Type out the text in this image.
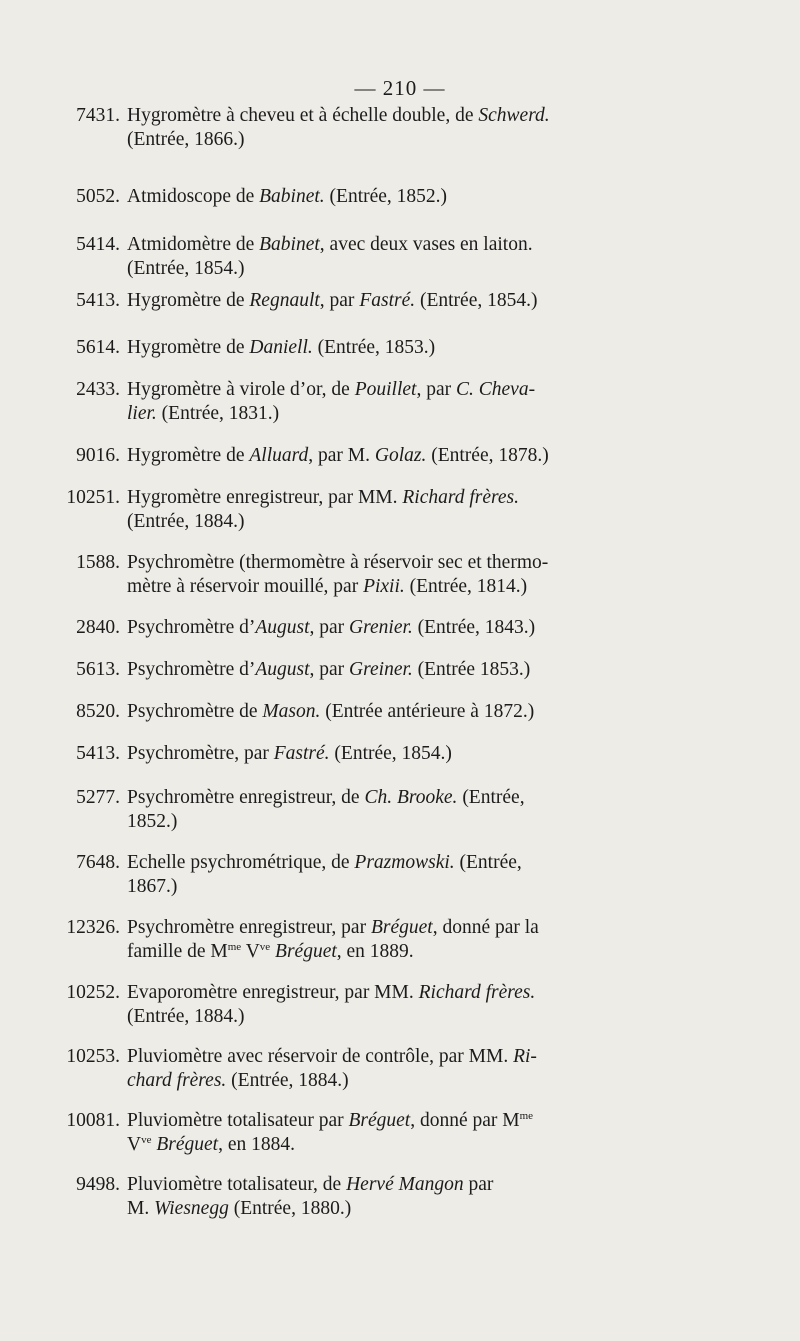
— 210 —
7431. Hygromètre à cheveu et à échelle double, de Schwerd.
(Entrée, 1866.)
5052. Atmidoscope de Babinet. (Entrée, 1852.)
5414. Atmidomètre de Babinet, avec deux vases en laiton.
(Entrée, 1854.)
5413. Hygromètre de Regnault, par Fastré. (Entrée, 1854.)
5614. Hygromètre de Daniell. (Entrée, 1853.)
2433. Hygromètre à virole d’or, de Pouillet, par C. Cheva-
lier. (Entrée, 1831.)
9016. Hygromètre de Alluard, par M. Golaz. (Entrée, 1878.)
10251. Hygromètre enregistreur, par MM. Richard frères.
(Entrée, 1884.)
1588. Psychromètre (thermomètre à réservoir sec et thermo-
mètre à réservoir mouillé, par Pixii. (Entrée, 1814.)
2840. Psychromètre d’August, par Grenier. (Entrée, 1843.)
5613. Psychromètre d’August, par Greiner. (Entrée 1853.)
8520. Psychromètre de Mason. (Entrée antérieure à 1872.)
5413. Psychromètre, par Fastré. (Entrée, 1854.)
5277. Psychromètre enregistreur, de Ch. Brooke. (Entrée,
1852.)
7648. Echelle psychrométrique, de Prazmowski. (Entrée,
1867.)
12326. Psychromètre enregistreur, par Bréguet, donné par la
famille de $M^{me}$ $V^{ve}$ Bréguet, en 1889.
10252. Evaporomètre enregistreur, par MM. Richard frères.
(Entrée, 1884.)
10253. Pluviomètre avec réservoir de contrôle, par MM. Ri-
chard frères. (Entrée, 1884.)
10081. Pluviomètre totalisateur par Bréguet, donné par $M^{me}$
$V^{ve}$ Bréguet, en 1884.
9498. Pluviomètre totalisateur, de Hervé Mangon par
M. Wiesnegg (Entrée, 1880.)
